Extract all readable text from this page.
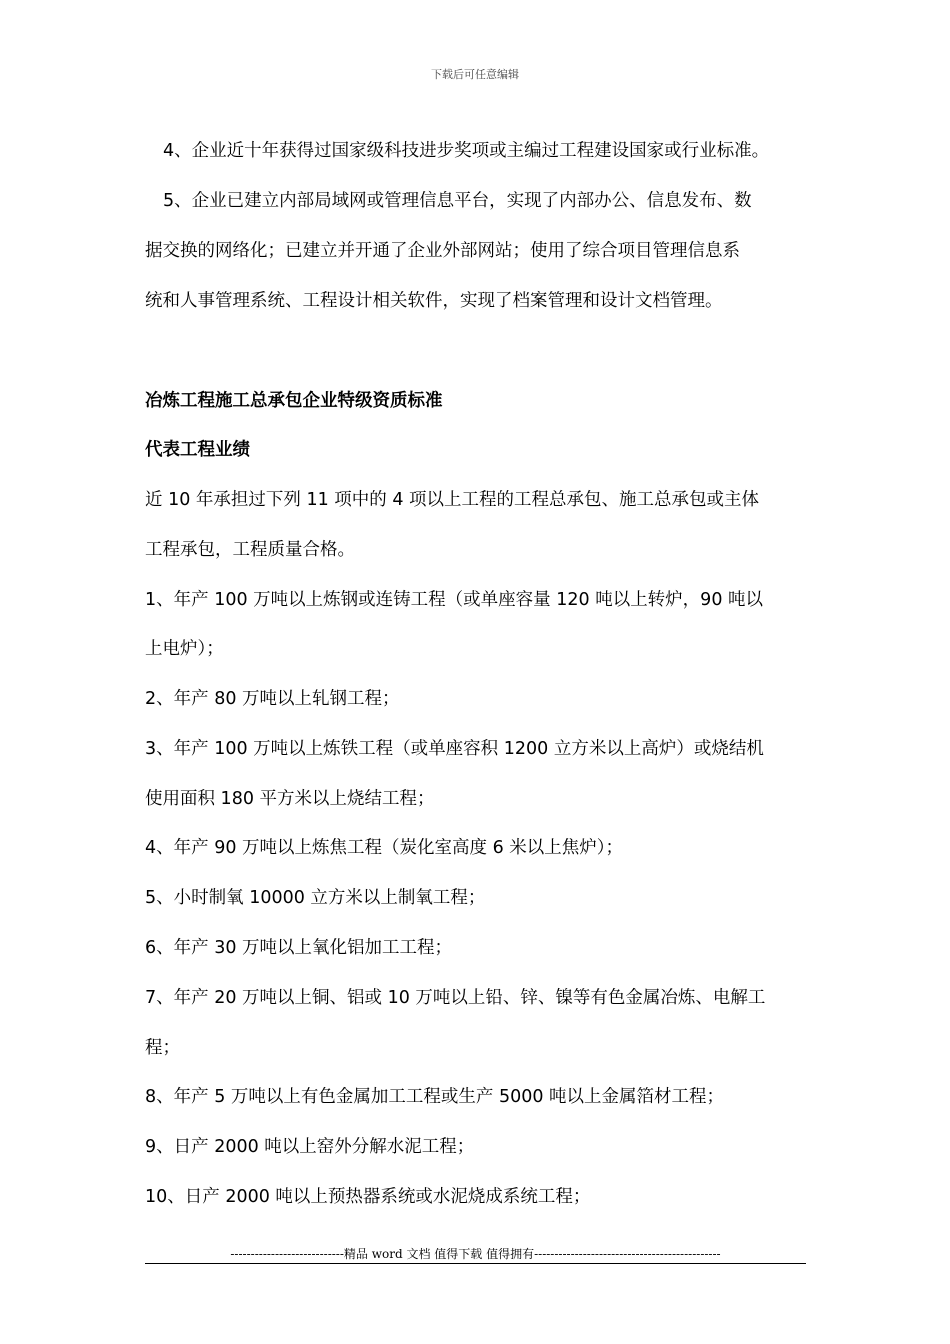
下载后可任意编辑
4、企业近十年获得过国家级科技进步奖项或主编过工程建设国家或行业标准。
5、企业已建立内部局域网或管理信息平台，实现了内部办公、信息发布、数
据交换的网络化；已建立并开通了企业外部网站；使用了综合项目管理信息系
统和人事管理系统、工程设计相关软件，实现了档案管理和设计文档管理。
冶炼工程施工总承包企业特级资质标准
代表工程业绩
近 10 年承担过下列 11 项中的 4 项以上工程的工程总承包、施工总承包或主体
工程承包，工程质量合格。
1、年产 100 万吨以上炼钢或连铸工程（或单座容量 120 吨以上转炉，90 吨以
上电炉）；
2、年产 80 万吨以上轧钢工程；
3、年产 100 万吨以上炼铁工程（或单座容积 1200 立方米以上高炉）或烧结机
使用面积 180 平方米以上烧结工程；
4、年产 90 万吨以上炼焦工程（炭化室高度 6 米以上焦炉）；
5、小时制氧 10000 立方米以上制氧工程；
6、年产 30 万吨以上氧化铝加工工程；
7、年产 20 万吨以上铜、铝或 10 万吨以上铅、锌、镍等有色金属冶炼、电解工
程；
8、年产 5 万吨以上有色金属加工工程或生产 5000 吨以上金属箔材工程；
9、日产 2000 吨以上窑外分解水泥工程；
10、日产 2000 吨以上预热器系统或水泥烧成系统工程；
----------------------------精品 word 文档 值得下载 值得拥有----------------------------------------------
